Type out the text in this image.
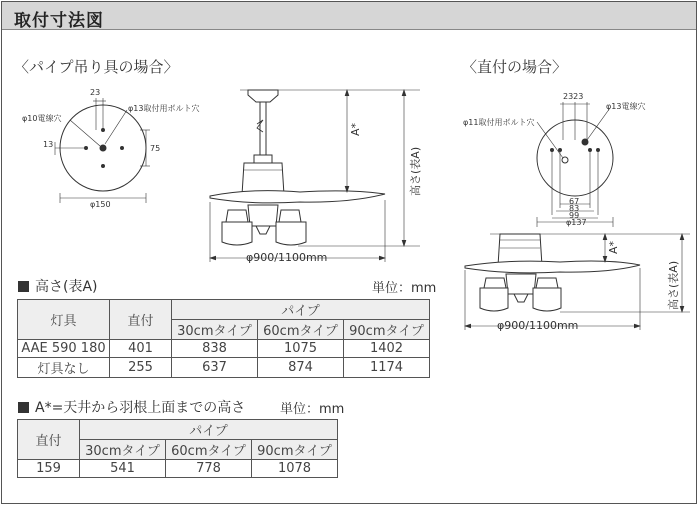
取付寸法図
〈パイプ吊り具の場合〉	〈直付の場合〉
23
φ10電線穴
φ13取付用ボルト穴
13	75
φ150
A*
高さ(表A)
φ900/1100mm
2323
φ11取付用ボルト穴
φ13電線穴
67
83
99
φ137
A*
高さ(表A)
φ900/1100mm
高さ(表A)	単位：mm
灯具	直付	パイプ		
		30cmタイプ	60cmタイプ	90cmタイプ
AAE 590 180	401	838	1075	1402
灯具なし	255	637	874	1174
A*=天井から羽根上面までの高さ	単位：mm
直付	パイプ		
	30cmタイプ	60cmタイプ	90cmタイプ
159	541	778	1078
